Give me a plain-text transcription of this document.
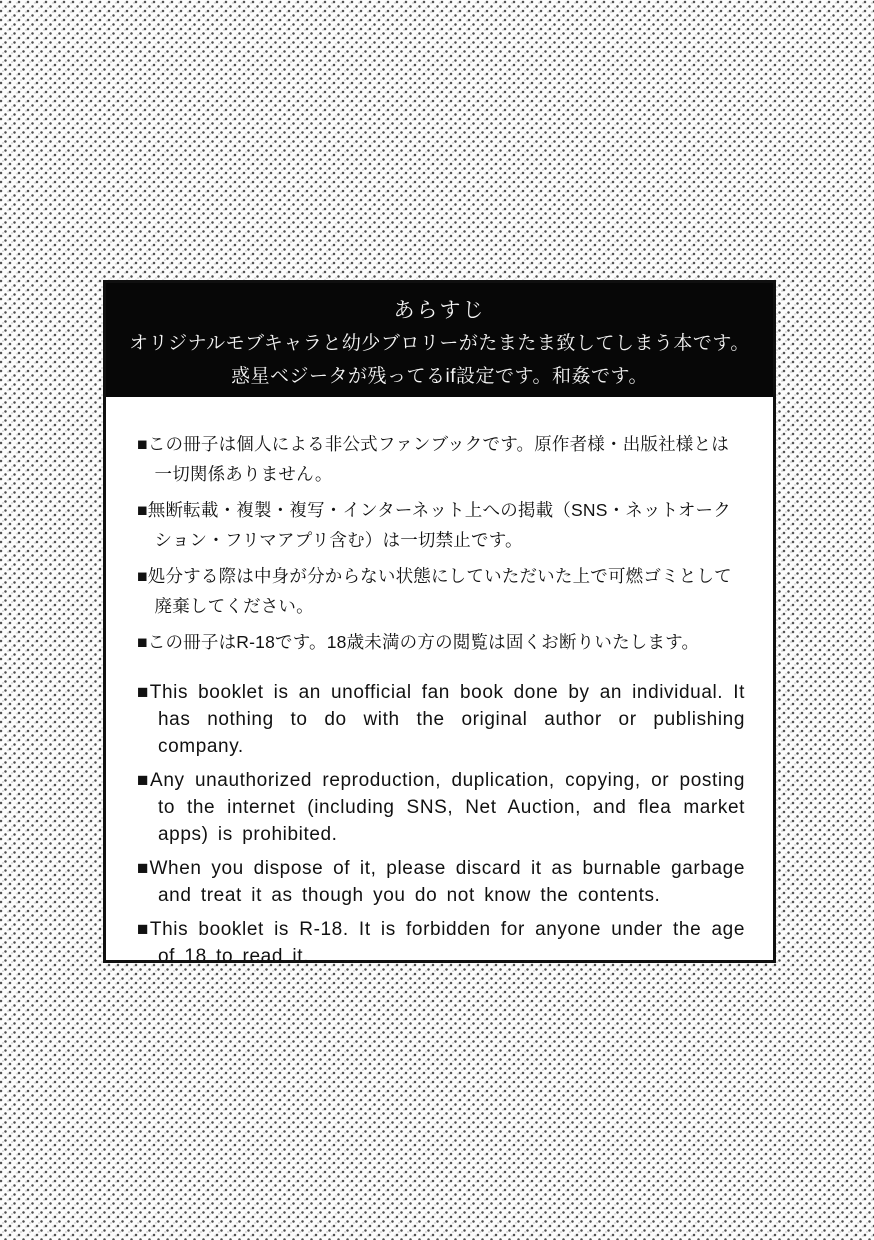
あらすじ
オリジナルモブキャラと幼少ブロリーがたまたま致してしまう本です。
惑星ベジータが残ってるif設定です。和姦です。

■この冊子は個人による非公式ファンブックです。原作者様・出版社様とは一切関係ありません。

■無断転載・複製・複写・インターネット上への掲載（SNS・ネットオークション・フリマアプリ含む）は一切禁止です。

■処分する際は中身が分からない状態にしていただいた上で可燃ゴミとして廃棄してください。

■この冊子はR-18です。18歳未満の方の閲覧は固くお断りいたします。

■This booklet is an unofficial fan book done by an individual. It has nothing to do with the original author or publishing company.

■Any unauthorized reproduction, duplication, copying, or posting to the internet (including SNS, Net Auction, and flea market apps) is prohibited.

■When you dispose of it, please discard it as burnable garbage and treat it as though you do not know the contents.

■This booklet is R-18. It is forbidden for anyone under the age of 18 to read it.
